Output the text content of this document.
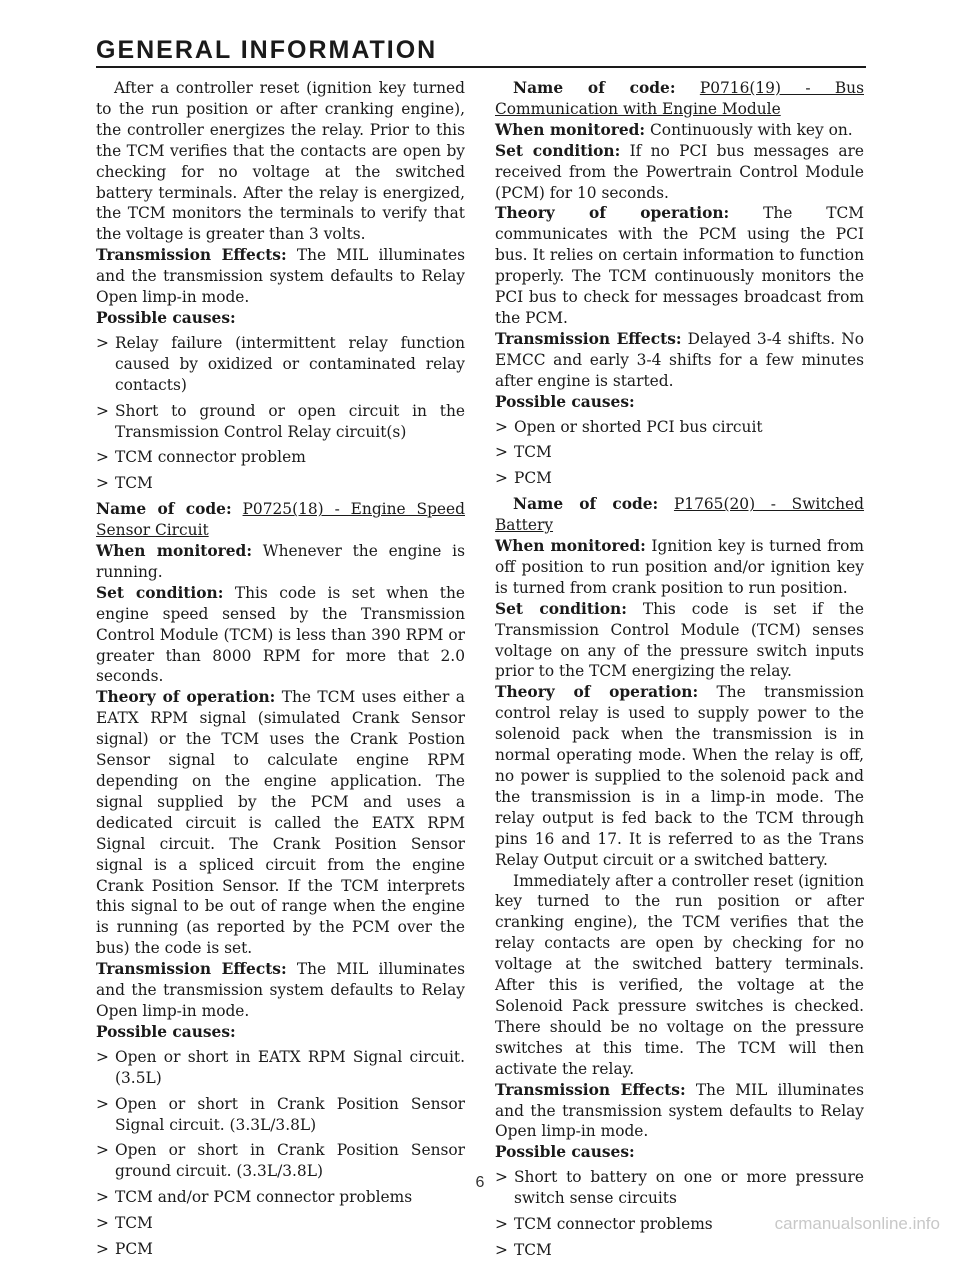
GENERAL INFORMATION

After a controller reset (ignition key turned to the run position or after cranking engine), the controller energizes the relay. Prior to this the TCM verifies that the contacts are open by checking for no voltage at the switched battery terminals. After the relay is energized, the TCM monitors the terminals to verify that the voltage is greater than 3 volts.

Transmission Effects: The MIL illuminates and the transmission system defaults to Relay Open limp-in mode.

Possible causes:

> Relay failure (intermittent relay function caused by oxidized or contaminated relay contacts)
> Short to ground or open circuit in the Transmission Control Relay circuit(s)
> TCM connector problem
> TCM

Name of code: P0725(18) - Engine Speed Sensor Circuit

When monitored: Whenever the engine is running.

Set condition: This code is set when the engine speed sensed by the Transmission Control Module (TCM) is less than 390 RPM or greater than 8000 RPM for more that 2.0 seconds.

Theory of operation: The TCM uses either a EATX RPM signal (simulated Crank Sensor signal) or the TCM uses the Crank Postion Sensor signal to calculate engine RPM depending on the engine application. The signal supplied by the PCM and uses a dedicated circuit is called the EATX RPM Signal circuit. The Crank Position Sensor signal is a spliced circuit from the engine Crank Position Sensor. If the TCM interprets this signal to be out of range when the engine is running (as reported by the PCM over the bus) the code is set.

Transmission Effects: The MIL illuminates and the transmission system defaults to Relay Open limp-in mode.

Possible causes:

> Open or short in EATX RPM Signal circuit. (3.5L)
> Open or short in Crank Position Sensor Signal circuit. (3.3L/3.8L)
> Open or short in Crank Position Sensor ground circuit. (3.3L/3.8L)
> TCM and/or PCM connector problems
> TCM
> PCM

Name of code: P0716(19) - Bus Communication with Engine Module

When monitored: Continuously with key on.

Set condition: If no PCI bus messages are received from the Powertrain Control Module (PCM) for 10 seconds.

Theory of operation: The TCM communicates with the PCM using the PCI bus. It relies on certain information to function properly. The TCM continuously monitors the PCI bus to check for messages broadcast from the PCM.

Transmission Effects: Delayed 3-4 shifts. No EMCC and early 3-4 shifts for a few minutes after engine is started.

Possible causes:

> Open or shorted PCI bus circuit
> TCM
> PCM

Name of code: P1765(20) - Switched Battery

When monitored: Ignition key is turned from off position to run position and/or ignition key is turned from crank position to run position.

Set condition: This code is set if the Transmission Control Module (TCM) senses voltage on any of the pressure switch inputs prior to the TCM energizing the relay.

Theory of operation: The transmission control relay is used to supply power to the solenoid pack when the transmission is in normal operating mode. When the relay is off, no power is supplied to the solenoid pack and the transmission is in a limp-in mode. The relay output is fed back to the TCM through pins 16 and 17. It is referred to as the Trans Relay Output circuit or a switched battery.

Immediately after a controller reset (ignition key turned to the run position or after cranking engine), the TCM verifies that the relay contacts are open by checking for no voltage at the switched battery terminals. After this is verified, the voltage at the Solenoid Pack pressure switches is checked. There should be no voltage on the pressure switches at this time. The TCM will then activate the relay.

Transmission Effects: The MIL illuminates and the transmission system defaults to Relay Open limp-in mode.

Possible causes:

> Short to battery on one or more pressure switch sense circuits
> TCM connector problems
> TCM
6
carmanualsonline.info
